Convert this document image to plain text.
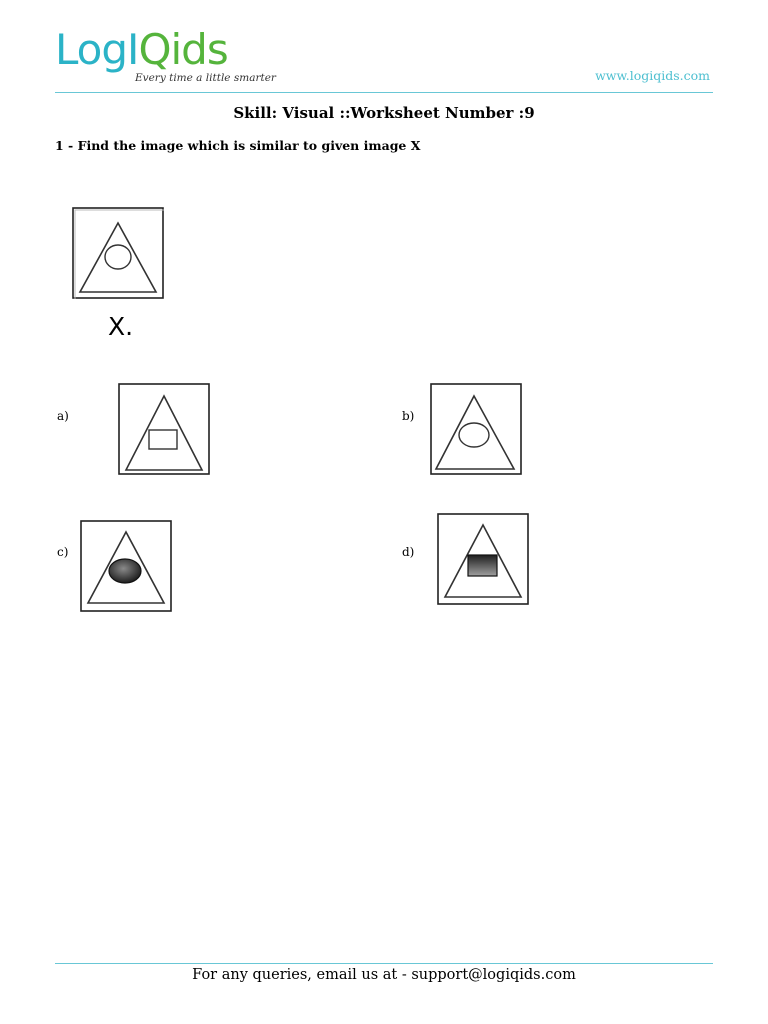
LogIQids
Every time a little smarter	www.logiqids.com
Skill: Visual ::Worksheet Number :9
1 - Find the image which is similar to given image X
X.
a)	b)
c)	d)
For any queries, email us at - support@logiqids.com
